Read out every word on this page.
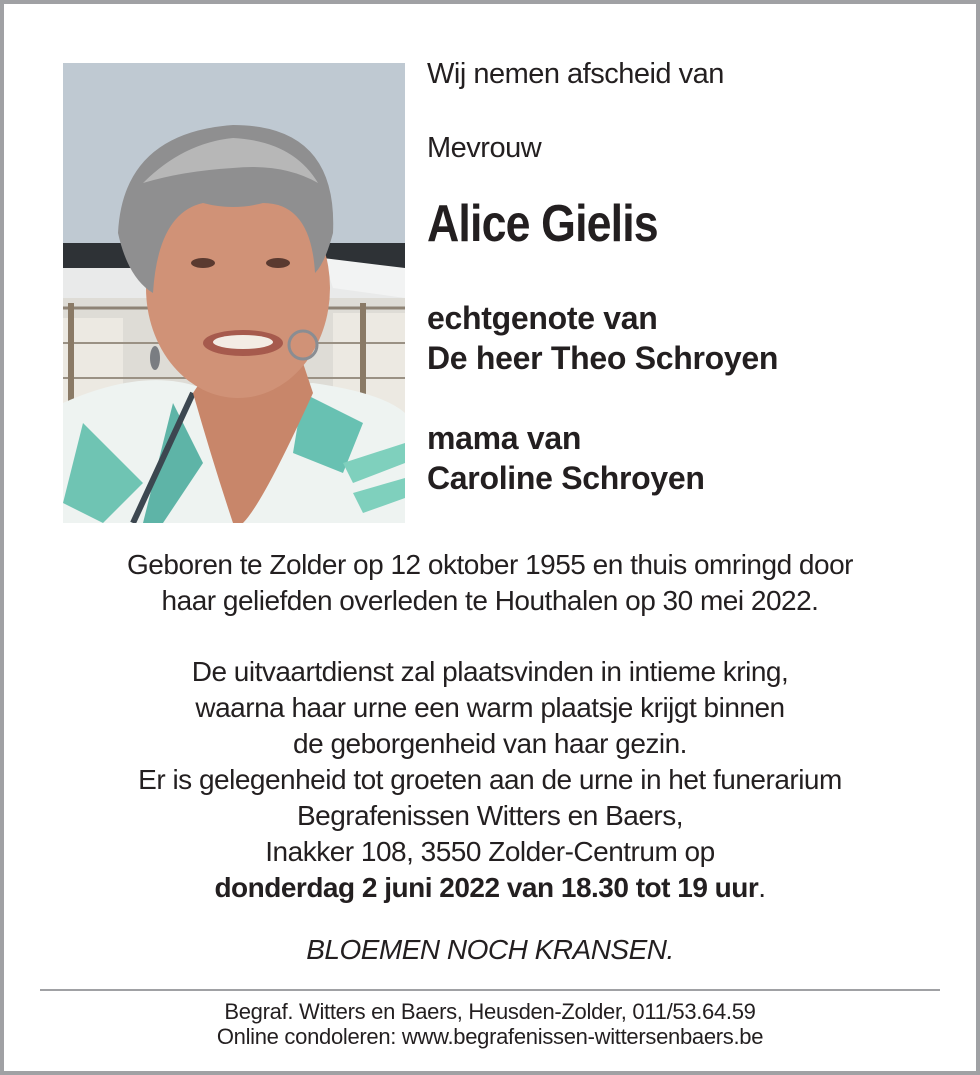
Wij nemen afscheid van

Mevrouw

Alice Gielis

echtgenote van

De heer Theo Schroyen

mama van

Caroline Schroyen

Geboren te Zolder op 12 oktober 1955 en thuis omringd door

haar geliefden overleden te Houthalen op 30 mei 2022.

De uitvaartdienst zal plaatsvinden in intieme kring,

waarna haar urne een warm plaatsje krijgt binnen

de geborgenheid van haar gezin.

Er is gelegenheid tot groeten aan de urne in het funerarium

Begrafenissen Witters en Baers,

Inakker 108, 3550 Zolder-Centrum op

donderdag 2 juni 2022 van 18.30 tot 19 uur.

BLOEMEN NOCH KRANSEN.

Begraf. Witters en Baers, Heusden-Zolder, 011/53.64.59

Online condoleren: www.begrafenissen-wittersenbaers.be
